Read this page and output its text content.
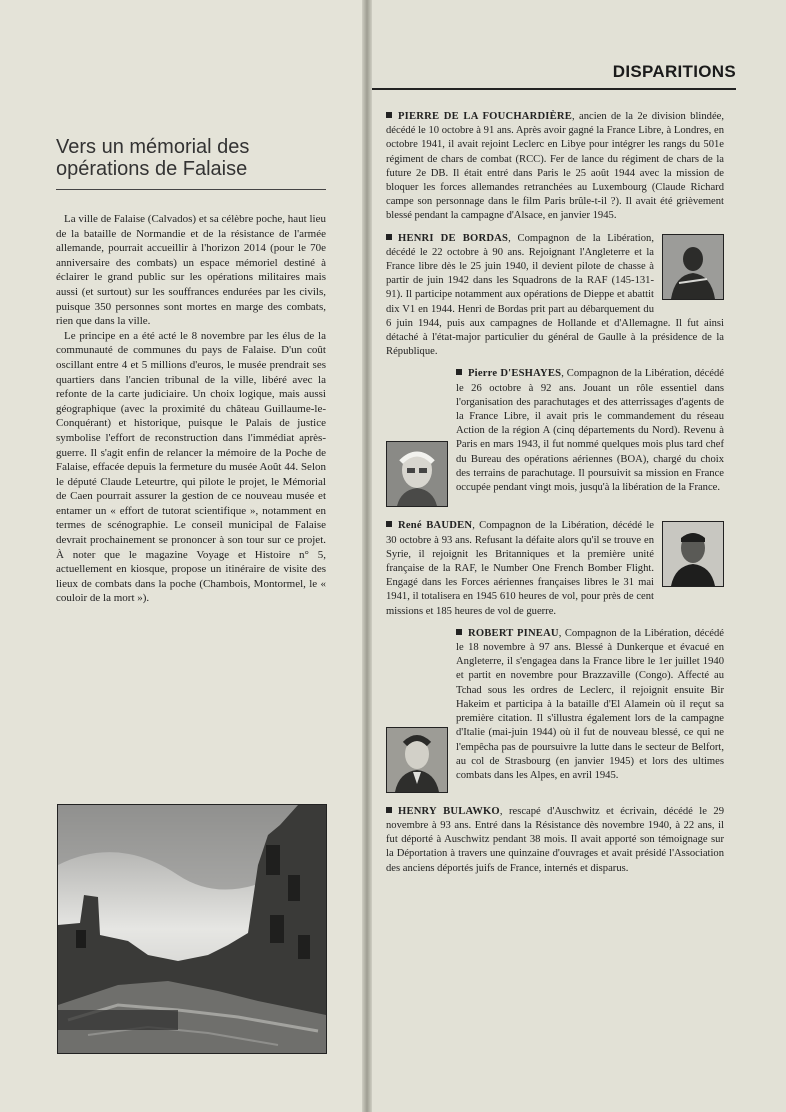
Vers un mémorial des opérations de Falaise

La ville de Falaise (Calvados) et sa célèbre poche, haut lieu de la bataille de Normandie et de la résistance de l'armée allemande, pourrait accueillir à l'horizon 2014 (pour le 70e anniversaire des combats) un espace mémoriel destiné à éclairer le grand public sur les opérations militaires mais aussi (et surtout) sur les souffrances endurées par les civils, puisque 350 personnes sont mortes en marge des combats, rien que dans la ville.

Le principe en a été acté le 8 novembre par les élus de la communauté de communes du pays de Falaise. D'un coût oscillant entre 4 et 5 millions d'euros, le musée prendrait ses quartiers dans l'ancien tribunal de la ville, libéré avec la refonte de la carte judiciaire. Un choix logique, mais aussi géographique (avec la proximité du château Guillaume-le-Conquérant) et historique, puisque le Palais de justice symbolise l'effort de reconstruction dans l'immédiat après-guerre. Il s'agit enfin de relancer la mémoire de la Poche de Falaise, effacée depuis la fermeture du musée Août 44. Selon le député Claude Leteurtre, qui pilote le projet, le Mémorial de Caen pourrait assurer la gestion de ce nouveau musée et entamer un « effort de tutorat scientifique », notamment en termes de scénographie. Le conseil municipal de Falaise devrait prochainement se prononcer à son tour sur ce projet. À noter que le magazine Voyage et Histoire n° 5, actuellement en kiosque, propose un itinéraire de visite des lieux de combats dans la poche (Chambois, Montormel, le « couloir de la mort »).

DISPARITIONS
PIERRE DE LA FOUCHARDIÈRE, ancien de la 2e division blindée, décédé le 10 octobre à 91 ans. Après avoir gagné la France Libre, à Londres, en octobre 1941, il avait rejoint Leclerc en Libye pour intégrer les rangs du 501e régiment de chars de combat (RCC). Fer de lance du régiment de chars de la future 2e DB. Il était entré dans Paris le 25 août 1944 avec la mission de bloquer les forces allemandes retranchées au Luxembourg (Claude Richard campe son personnage dans le film Paris brûle-t-il ?). Il avait été grièvement blessé pendant la campagne d'Alsace, en janvier 1945.
HENRI DE BORDAS, Compagnon de la Libération, décédé le 22 octobre à 90 ans. Rejoignant l'Angleterre et la France libre dès le 25 juin 1940, il devient pilote de chasse à partir de juin 1942 dans les Squadrons de la RAF (145-131-91). Il participe notamment aux opérations de Dieppe et abattit dix V1 en 1944. Henri de Bordas prit part au débarquement du 6 juin 1944, puis aux campagnes de Hollande et d'Allemagne. Il fut ainsi détaché à l'état-major particulier du général de Gaulle à la présidence de la République.
Pierre D'ESHAYES, Compagnon de la Libération, décédé le 26 octobre à 92 ans. Jouant un rôle essentiel dans l'organisation des parachutages et des atterrissages d'agents de la France Libre, il avait pris le commandement du réseau Action de la région A (cinq départements du Nord). Revenu à Paris en mars 1943, il fut nommé quelques mois plus tard chef du Bureau des opérations aériennes (BOA), chargé du choix des terrains de parachutage. Il poursuivit sa mission en France occupée pendant vingt mois, jusqu'à la libération de la France.
René BAUDEN, Compagnon de la Libération, décédé le 30 octobre à 93 ans. Refusant la défaite alors qu'il se trouve en Syrie, il rejoignit les Britanniques et la première unité française de la RAF, le Number One French Bomber Flight. Engagé dans les Forces aériennes françaises libres le 31 mai 1941, il totalisera en 1945 610 heures de vol, pour près de cent missions et 185 heures de vol de guerre.
ROBERT PINEAU, Compagnon de la Libération, décédé le 18 novembre à 97 ans. Blessé à Dunkerque et évacué en Angleterre, il s'engagea dans la France libre le 1er juillet 1940 et partit en novembre pour Brazzaville (Congo). Affecté au Tchad sous les ordres de Leclerc, il rejoignit ensuite Bir Hakeim et participa à la bataille d'El Alamein où il reçut sa première citation. Il s'illustra également lors de la campagne d'Italie (mai-juin 1944) où il fut de nouveau blessé, ce qui ne l'empêcha pas de poursuivre la lutte dans le secteur de Belfort, au col de Strasbourg (en janvier 1945) et lors des ultimes combats dans les Alpes, en avril 1945.
HENRY BULAWKO, rescapé d'Auschwitz et écrivain, décédé le 29 novembre à 93 ans. Entré dans la Résistance dès novembre 1940, à 22 ans, il fut déporté à Auschwitz pendant 38 mois. Il avait apporté son témoignage sur la Déportation à travers une quinzaine d'ouvrages et avait présidé l'Association des anciens déportés juifs de France, internés et disparus.
